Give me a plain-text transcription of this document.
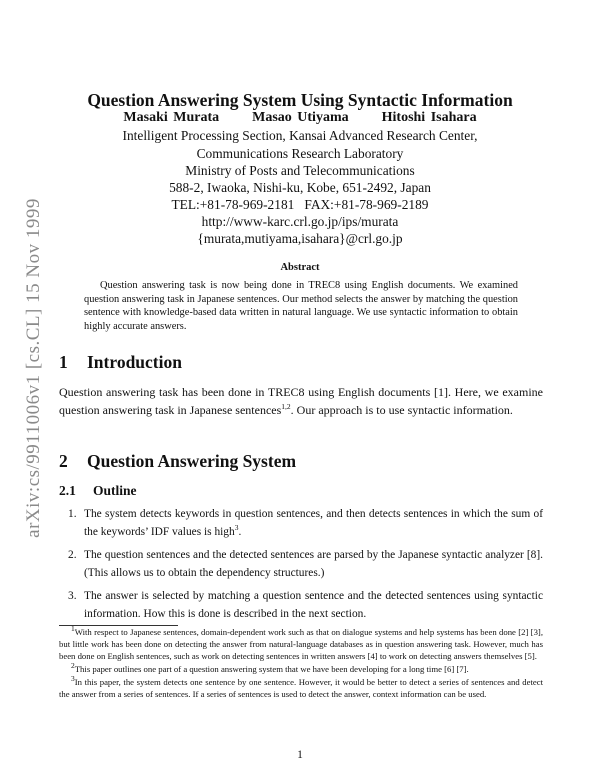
arXiv:cs/9911006v1 [cs.CL] 15 Nov 1999
Question Answering System Using Syntactic Information
Masaki Murata Masao Utiyama Hitoshi Isahara
Intelligent Processing Section, Kansai Advanced Research Center,
Communications Research Laboratory
Ministry of Posts and Telecommunications
588-2, Iwaoka, Nishi-ku, Kobe, 651-2492, Japan
TEL:+81-78-969-2181   FAX:+81-78-969-2189
http://www-karc.crl.go.jp/ips/murata
{murata,mutiyama,isahara}@crl.go.jp
Abstract
Question answering task is now being done in TREC8 using English documents. We examined question answering task in Japanese sentences. Our method selects the answer by matching the question sentence with knowledge-based data written in natural language. We use syntactic information to obtain highly accurate answers.
1 Introduction
Question answering task has been done in TREC8 using English documents [1]. Here, we examine question answering task in Japanese sentences$^{1,2}$. Our approach is to use syntactic information.
2 Question Answering System
2.1 Outline
1. The system detects keywords in question sentences, and then detects sentences in which the sum of the keywords’ IDF values is high$^3$.
2. The question sentences and the detected sentences are parsed by the Japanese syntactic analyzer [8]. (This allows us to obtain the dependency structures.)
3. The answer is selected by matching a question sentence and the detected sentences using syntactic information. How this is done is described in the next section.

$^1$With respect to Japanese sentences, domain-dependent work such as that on dialogue systems and help systems has been done [2] [3], but little work has been done on detecting the answer from natural-language databases as in question answering task. However, much has been done on English sentences, such as work on detecting sentences in written answers [4] to work on detecting answers themselves [5].

$^2$This paper outlines one part of a question answering system that we have been developing for a long time [6] [7].

$^3$In this paper, the system detects one sentence by one sentence. However, it would be better to detect a series of sentences and detect the answer from a series of sentences. If a series of sentences is used to detect the answer, context information can be used.

1
